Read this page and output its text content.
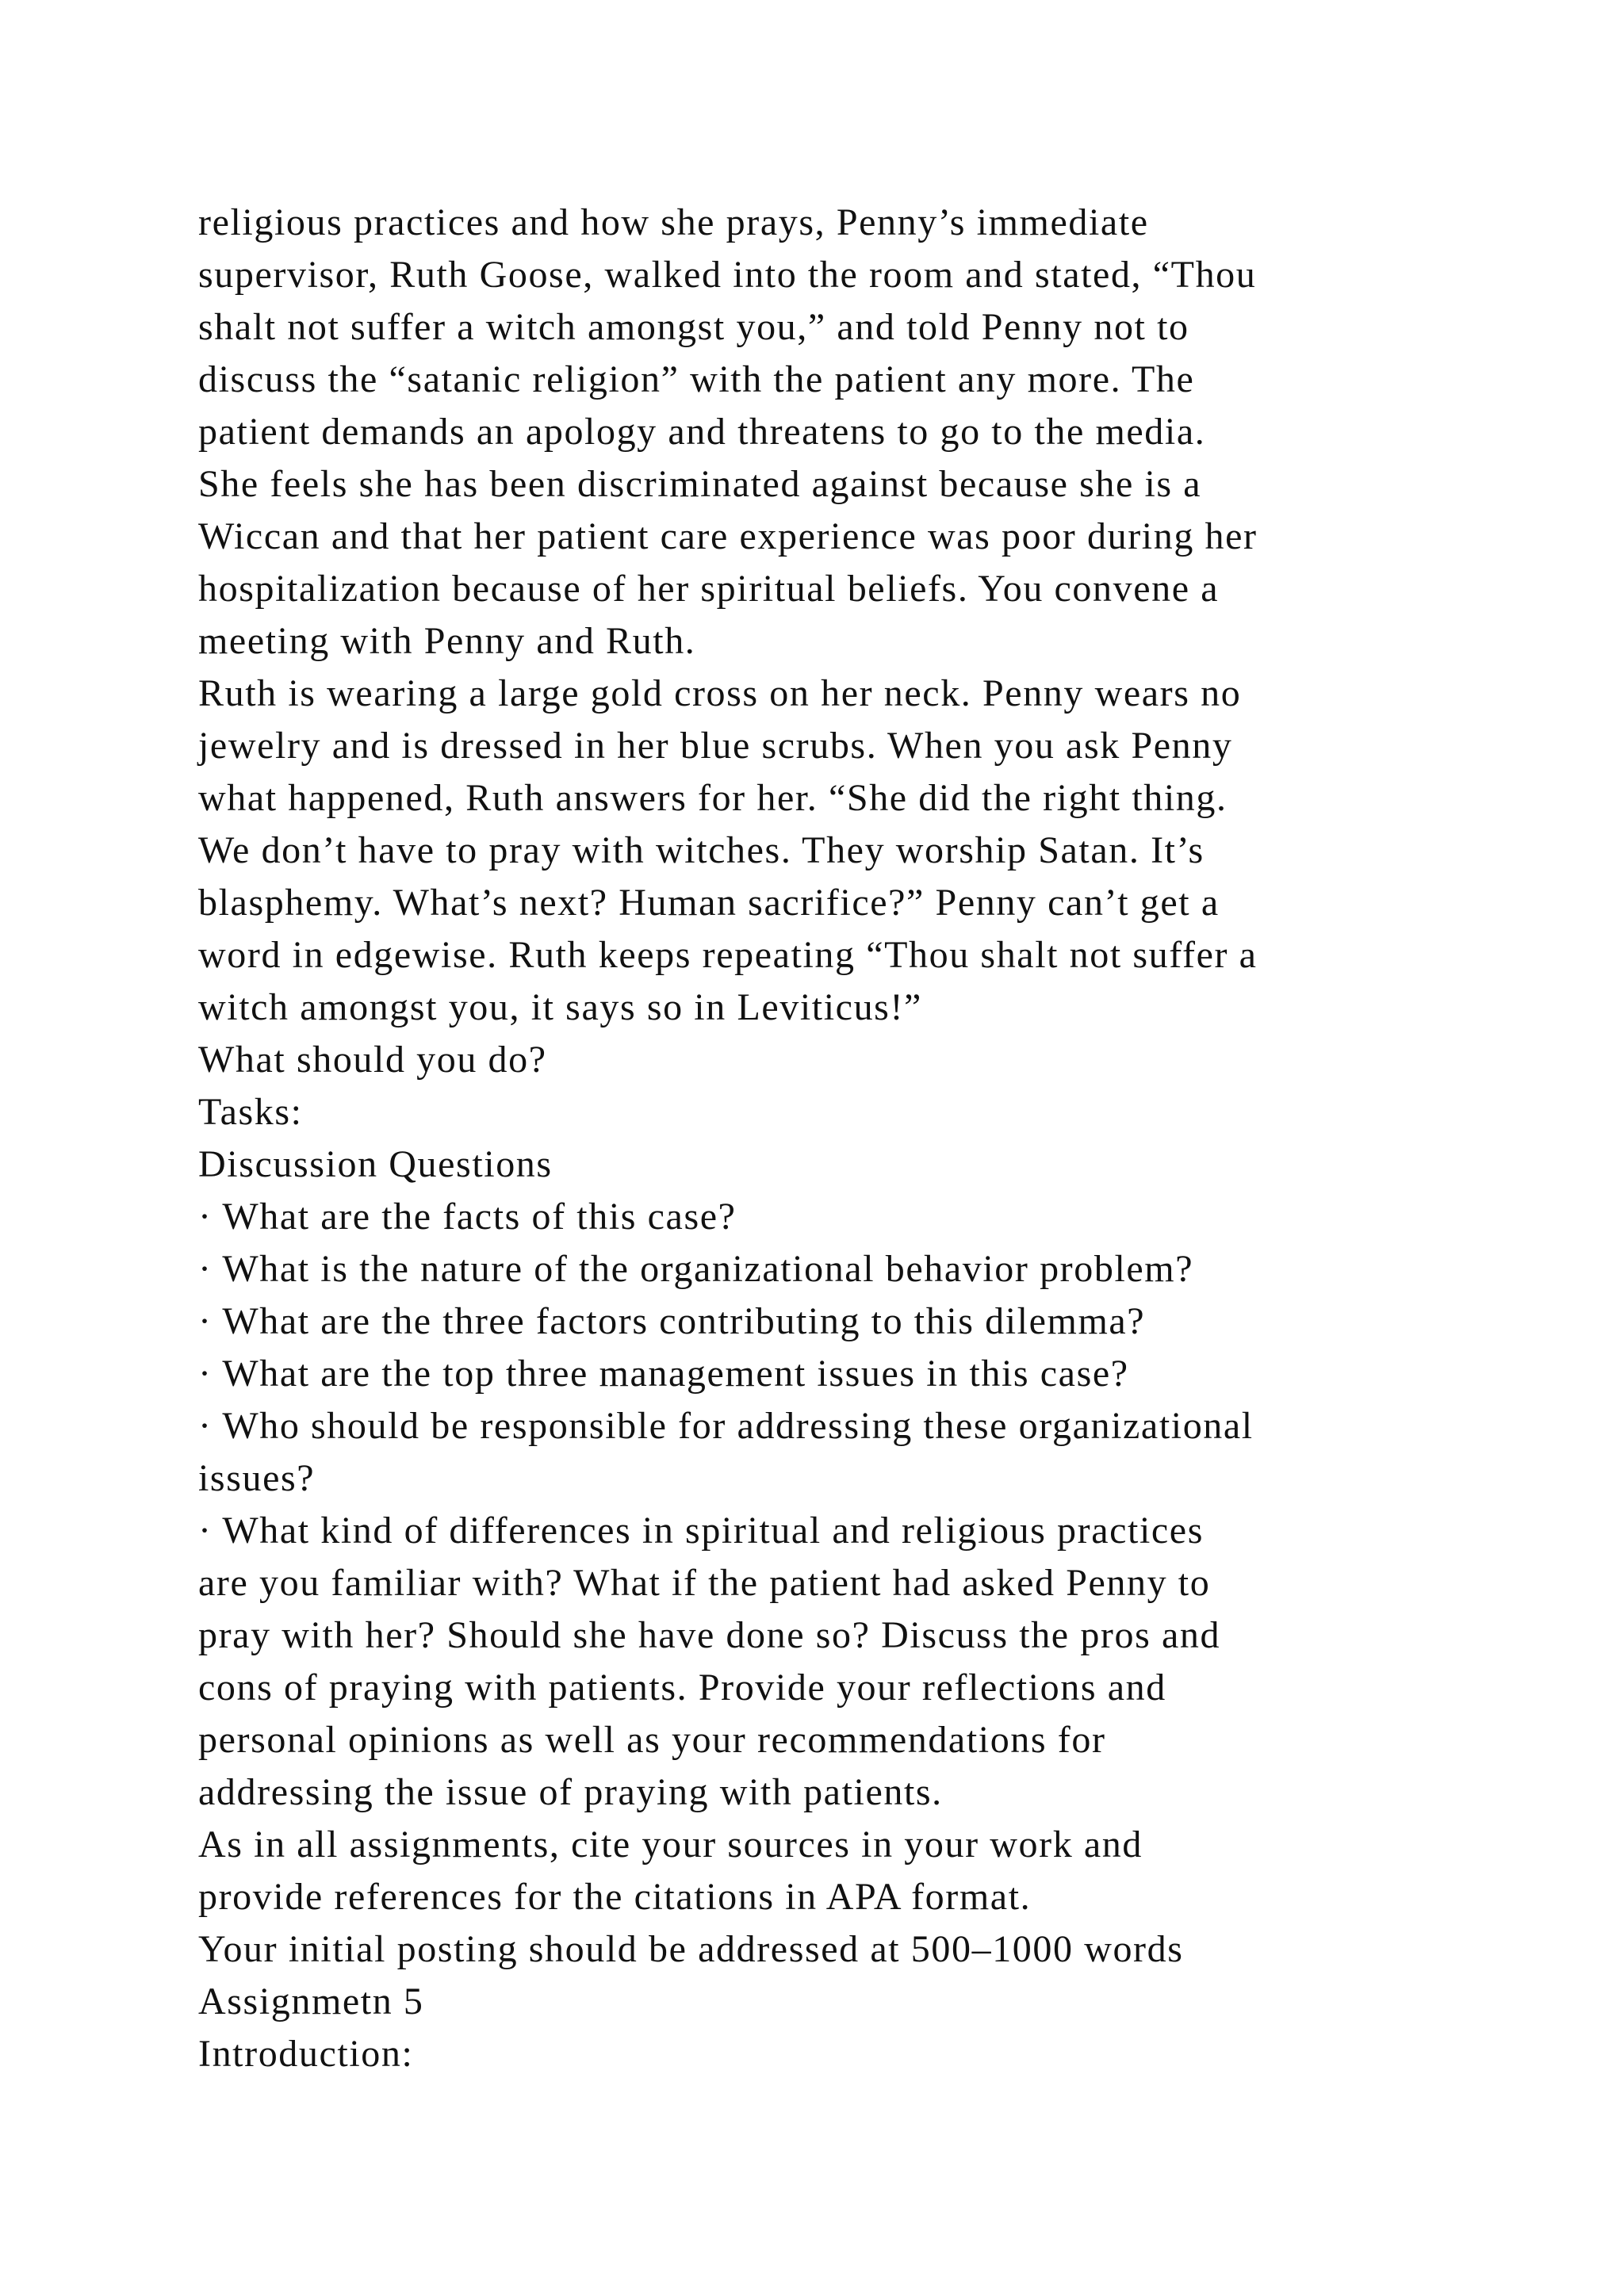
religious practices and how she prays, Penny’s immediate
supervisor, Ruth Goose, walked into the room and stated, “Thou
shalt not suffer a witch amongst you,” and told Penny not to
discuss the “satanic religion” with the patient any more. The
patient demands an apology and threatens to go to the media.
She feels she has been discriminated against because she is a
Wiccan and that her patient care experience was poor during her
hospitalization because of her spiritual beliefs. You convene a
meeting with Penny and Ruth.
Ruth is wearing a large gold cross on her neck. Penny wears no
jewelry and is dressed in her blue scrubs. When you ask Penny
what happened, Ruth answers for her. “She did the right thing.
We don’t have to pray with witches. They worship Satan. It’s
blasphemy. What’s next? Human sacrifice?” Penny can’t get a
word in edgewise. Ruth keeps repeating “Thou shalt not suffer a
witch amongst you, it says so in Leviticus!”
What should you do?
Tasks:
Discussion Questions
· What are the facts of this case?
· What is the nature of the organizational behavior problem?
· What are the three factors contributing to this dilemma?
· What are the top three management issues in this case?
· Who should be responsible for addressing these organizational
issues?
· What kind of differences in spiritual and religious practices
are you familiar with? What if the patient had asked Penny to
pray with her? Should she have done so? Discuss the pros and
cons of praying with patients. Provide your reflections and
personal opinions as well as your recommendations for
addressing the issue of praying with patients.
As in all assignments, cite your sources in your work and
provide references for the citations in APA format.
Your initial posting should be addressed at 500–1000 words
Assignmetn 5
Introduction:
